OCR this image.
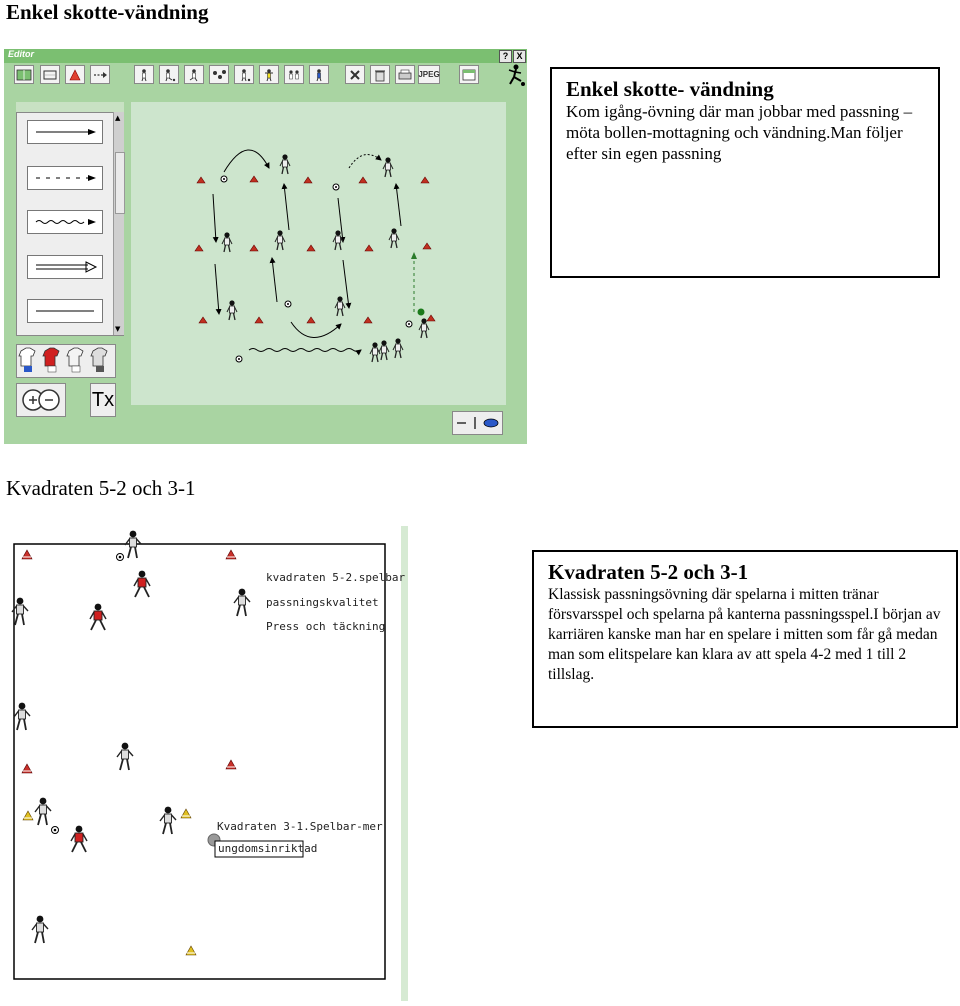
Enkel skotte-vändning
Kvadraten 5-2 och 3-1
Editor	? X
JPEG
▲
▼
Tx
Enkel skotte- vändning
Kom igång-övning där man jobbar med passning –möta bollen-mottagning och vändning.Man följer efter sin egen passning
kvadraten 5-2.spelbar
passningskvalitet
Press och täckning
Kvadraten 3-1.Spelbar-mer
ungdomsinriktad
Kvadraten 5-2 och 3-1
Klassisk passningsövning där spelarna i mitten tränar försvarsspel och spelarna på kanterna passningsspel.I början av karriären kanske man har en spelare i mitten som får gå medan man som elitspelare kan klara av att spela 4-2 med 1 till 2 tillslag.
